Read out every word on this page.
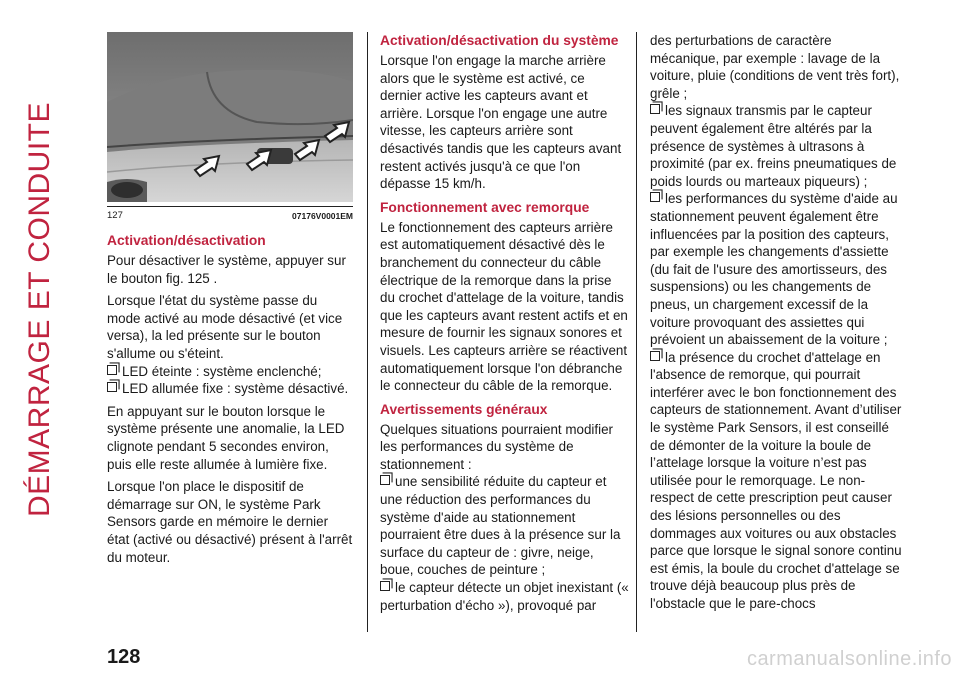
DÉMARRAGE ET CONDUITE	127	07176V0001EM
Activation/désactivation

Pour désactiver le système, appuyer sur le bouton fig. 125 .

Lorsque l'état du système passe du mode activé au mode désactivé (et vice versa), la led présente sur le bouton s'allume ou s'éteint.

LED éteinte : système enclenché;
LED allumée fixe : système désactivé.

En appuyant sur le bouton lorsque le système présente une anomalie, la LED clignote pendant 5 secondes environ, puis elle reste allumée à lumière fixe.

Lorsque l'on place le dispositif de démarrage sur ON, le système Park Sensors garde en mémoire le dernier état (activé ou désactivé) présent à l'arrêt du moteur.

Activation/désactivation du système

Lorsque l'on engage la marche arrière alors que le système est activé, ce dernier active les capteurs avant et arrière. Lorsque l'on engage une autre vitesse, les capteurs arrière sont désactivés tandis que les capteurs avant restent activés jusqu'à ce que l'on dépasse 15 km/h.

Fonctionnement avec remorque

Le fonctionnement des capteurs arrière est automatiquement désactivé dès le branchement du connecteur du câble électrique de la remorque dans la prise du crochet d'attelage de la voiture, tandis que les capteurs avant restent actifs et en mesure de fournir les signaux sonores et visuels. Les capteurs arrière se réactivent automatiquement lorsque l'on débranche le connecteur du câble de la remorque.

Avertissements généraux

Quelques situations pourraient modifier les performances du système de stationnement :

une sensibilité réduite du capteur et une réduction des performances du système d'aide au stationnement pourraient être dues à la présence sur la surface du capteur de : givre, neige, boue, couches de peinture ;
le capteur détecte un objet inexistant (« perturbation d'écho »), provoqué par

des perturbations de caractère mécanique, par exemple : lavage de la voiture, pluie (conditions de vent très fort), grêle ;

les signaux transmis par le capteur peuvent également être altérés par la présence de systèmes à ultrasons à proximité (par ex. freins pneumatiques de poids lourds ou marteaux piqueurs) ;
les performances du système d'aide au stationnement peuvent également être influencées par la position des capteurs, par exemple les changements d'assiette (du fait de l'usure des amortisseurs, des suspensions) ou les changements de pneus, un chargement excessif de la voiture provoquant des assiettes qui prévoient un abaissement de la voiture ;
la présence du crochet d'attelage en l'absence de remorque, qui pourrait interférer avec le bon fonctionnement des capteurs de stationnement. Avant d’utiliser le système Park Sensors, il est conseillé de démonter de la voiture la boule de l’attelage lorsque la voiture n’est pas utilisée pour le remorquage. Le non-respect de cette prescription peut causer des lésions personnelles ou des dommages aux voitures ou aux obstacles parce que lorsque le signal sonore continu est émis, la boule du crochet d'attelage se trouve déjà beaucoup plus près de l'obstacle que le pare-chocs
128	carmanualsonline.info
